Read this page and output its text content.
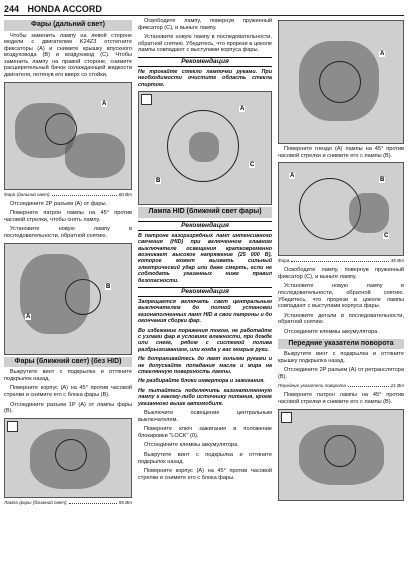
244 HONDA ACCORD
Фары (дальний свет)

Чтобы заменить лампу на левой стороне модели с двигателем K24Z3 отстегните фиксаторы (А) и снимите крышку впускного воздуховода (В) и воздуховод (С). Чтобы заменить лампу на правой стороне, снимите расширительный бачок охлаждающей жидкости двигателя, потянув его вверх со стойки.

A
Фара (дальний свет)	60 Вт

Отсоедините 2Р разъем (А) от фары.

Поверните патрон лампы на 45° против часовой стрелки, чтобы снять лампу.

Установите новую лампу в последовательности, обратной снятию.

A
B
Фары (ближний свет) (без HID)

Выкрутите винт с подкрылка и оттяните подкрылок назад.

Поверните корпус (А) на 45° против часовой стрелки и снимите его с блока фары (В).

Отсоедините разъем 1Р (А) от лампы фары (В).

Лампа фары (ближний свет)	55 Вт

Освободите лампу, повернув пружинный фиксатор (С), и выньте лампу.

Установите новую лампу в последовательности, обратной снятию. Убедитесь, что прорези в цоколе лампы совпадают с выступами корпуса фары.

Рекомендация

Не трогайте стекло лампочки руками. При необходимости очистите область стекла спиртом.

A
B
C
Лампа HID (ближний свет фары)
Рекомендация

В патроне газоразрядных ламп интенсивного свечения (HID) при включенном главном выключателе освещения кратковременно возникает высокое напряжение (25 000 В), которое может вызвать сильный электрический удар или даже смерть, если не соблюдать указанных ниже правил безопасности.

Рекомендация

Запрещается включать свет центральным выключателем до полной установки газонаполненных ламп HID в свои патроны и до окончания сборки фар.

Во избежание поражения током, не работайте с узлами фар в условиях влажности, при дожде или снеге, рядом с системой полива разбрызгиванием, или когда у вас мокрые руки.

Не дотрагивайтесь до ламп голыми руками и не допускайте попадания масла и жира на стеклянную поверхность лампы.

Не разбирайте блоки инвертора и зажигания.

Не пытайтесь подключить газонаполненную лампу к какому-либо источнику питания, кроме указанного выше автомобиля.

Выключите освещение центральным выключателем.

Поверните ключ зажигания в положение блокировки "LOCK" (0).

Отсоедините клеммы аккумулятора.

Выкрутите винт с подкрылка и оттяните подкрылок назад.

Поверните корпус (А) на 45° против часовой стрелки и снимите его с блока фары.

A

Поверните гнездо (А) лампы на 45° против часовой стрелки и снимите его с лампы (В).

A
B
C
Фара	35 Вт

Освободите лампу, повернув пружинный фиксатор (С), и выньте лампу.

Установите новую лампу в последовательности, обратной снятию. Убедитесь, что прорези в цоколе лампы совпадают с выступами корпуса фары.

Установите детали в последовательности, обратной снятию.

Отсоедините клеммы аккумулятора.

Передние указатели поворота

Выкрутите винт с подкрылка и оттяните крышку подкрылка назад.

Отсоедините 2Р разъем (А) от ретранслятора (В).

Передние указатели поворота	21 Вт

Поверните патрон лампы на 45° против часовой стрелки и снимите его с лампы (В).
